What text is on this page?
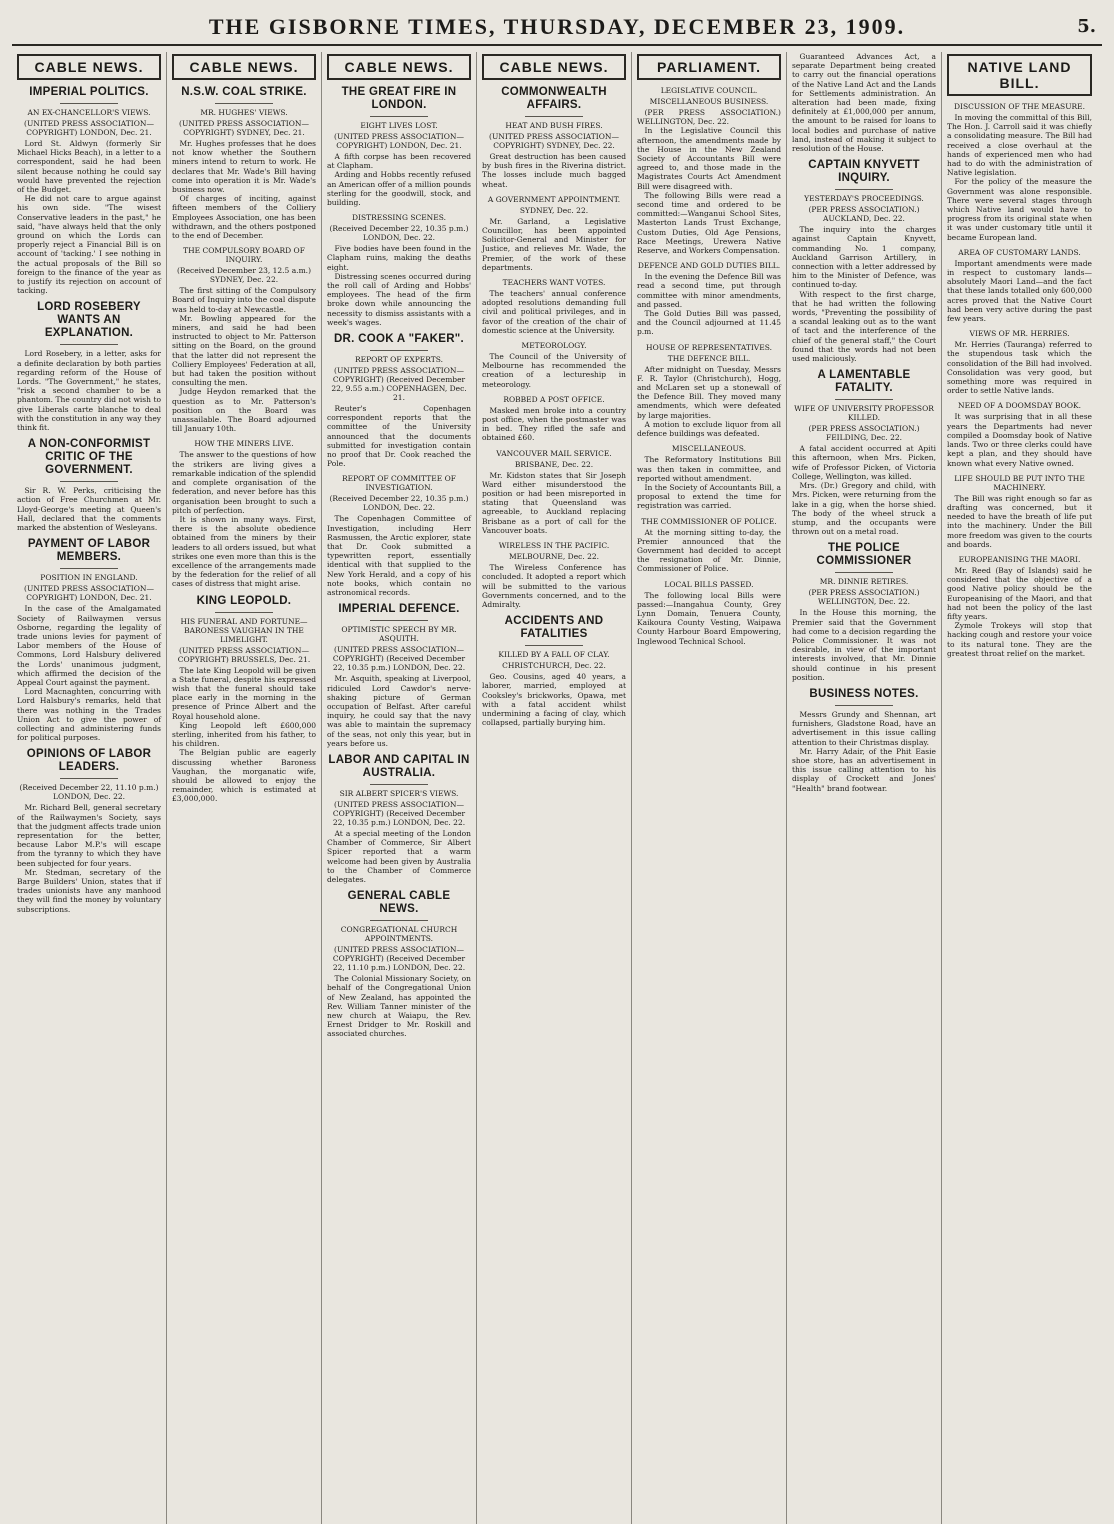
THE GISBORNE TIMES, THURSDAY, DECEMBER 23, 1909.	5.
CABLE NEWS.
IMPERIAL POLITICS.
AN EX-CHANCELLOR'S VIEWS.
(UNITED PRESS ASSOCIATION—COPYRIGHT) LONDON, Dec. 21.

 Lord St. Aldwyn (formerly Sir Michael Hicks Beach), in a letter to a correspondent, said he had been silent because nothing he could say would have prevented the rejection of the Budget.

 He did not care to argue against his own side. "The wisest Conservative leaders in the past," he said, "have always held that the only ground on which the Lords can properly reject a Financial Bill is on account of 'tacking.' I see nothing in the actual proposals of the Bill so foreign to the finance of the year as to justify its rejection on account of tacking.

LORD ROSEBERY WANTS AN EXPLANATION.

 Lord Rosebery, in a letter, asks for a definite declaration by both parties regarding reform of the House of Lords. "The Government," he states, "risk a second chamber to be a phantom. The country did not wish to give Liberals carte blanche to deal with the constitution in any way they think fit.

A NON-CONFORMIST CRITIC OF THE GOVERNMENT.

 Sir R. W. Perks, criticising the action of Free Churchmen at Mr. Lloyd-George's meeting at Queen's Hall, declared that the comments marked the abstention of Wesleyans.

PAYMENT OF LABOR MEMBERS.
POSITION IN ENGLAND.
(UNITED PRESS ASSOCIATION—COPYRIGHT) LONDON, Dec. 21.

 In the case of the Amalgamated Society of Railwaymen versus Osborne, regarding the legality of trade unions levies for payment of Labor members of the House of Commons, Lord Halsbury delivered the Lords' unanimous judgment, which affirmed the decision of the Appeal Court against the payment.

 Lord Macnaghten, concurring with Lord Halsbury's remarks, held that there was nothing in the Trades Union Act to give the power of collecting and administering funds for political purposes.

OPINIONS OF LABOR LEADERS.
(Received December 22, 11.10 p.m.) LONDON, Dec. 22.

 Mr. Richard Bell, general secretary of the Railwaymen's Society, says that the judgment affects trade union representation for the better, because Labor M.P.'s will escape from the tyranny to which they have been subjected for four years.

 Mr. Stedman, secretary of the Barge Builders' Union, states that if trades unionists have any manhood they will find the money by voluntary subscriptions.

CABLE NEWS.
N.S.W. COAL STRIKE.
MR. HUGHES' VIEWS.
(UNITED PRESS ASSOCIATION—COPYRIGHT) SYDNEY, Dec. 21.

 Mr. Hughes professes that he does not know whether the Southern miners intend to return to work. He declares that Mr. Wade's Bill having come into operation it is Mr. Wade's business now.

 Of charges of inciting, against fifteen members of the Colliery Employees Association, one has been withdrawn, and the others postponed to the end of December.

THE COMPULSORY BOARD OF INQUIRY.
(Received December 23, 12.5 a.m.) SYDNEY, Dec. 22.

 The first sitting of the Compulsory Board of Inquiry into the coal dispute was held to-day at Newcastle.

 Mr. Bowling appeared for the miners, and said he had been instructed to object to Mr. Patterson sitting on the Board, on the ground that the latter did not represent the Colliery Employees' Federation at all, but had taken the position without consulting the men.

 Judge Heydon remarked that the question as to Mr. Patterson's position on the Board was unassailable. The Board adjourned till January 10th.

HOW THE MINERS LIVE.

 The answer to the questions of how the strikers are living gives a remarkable indication of the splendid and complete organisation of the federation, and never before has this organisation been brought to such a pitch of perfection.

 It is shown in many ways. First, there is the absolute obedience obtained from the miners by their leaders to all orders issued, but what strikes one even more than this is the excellence of the arrangements made by the federation for the relief of all cases of distress that might arise.

KING LEOPOLD.
HIS FUNERAL AND FORTUNE—BARONESS VAUGHAN IN THE LIMELIGHT.
(UNITED PRESS ASSOCIATION—COPYRIGHT) BRUSSELS, Dec. 21.

 The late King Leopold will be given a State funeral, despite his expressed wish that the funeral should take place early in the morning in the presence of Prince Albert and the Royal household alone.

 King Leopold left £600,000 sterling, inherited from his father, to his children.

 The Belgian public are eagerly discussing whether Baroness Vaughan, the morganatic wife, should be allowed to enjoy the remainder, which is estimated at £3,000,000.

CABLE NEWS.
THE GREAT FIRE IN LONDON.
EIGHT LIVES LOST.
(UNITED PRESS ASSOCIATION—COPYRIGHT) LONDON, Dec. 21.

 A fifth corpse has been recovered at Clapham.

 Arding and Hobbs recently refused an American offer of a million pounds sterling for the goodwill, stock, and building.

DISTRESSING SCENES.
(Received December 22, 10.35 p.m.) LONDON, Dec. 22.

 Five bodies have been found in the Clapham ruins, making the deaths eight.

 Distressing scenes occurred during the roll call of Arding and Hobbs' employees. The head of the firm broke down while announcing the necessity to dismiss assistants with a week's wages.

DR. COOK A "FAKER".
REPORT OF EXPERTS.
(UNITED PRESS ASSOCIATION—COPYRIGHT) (Received December 22, 9.55 a.m.) COPENHAGEN, Dec. 21.

 Reuter's Copenhagen correspondent reports that the committee of the University announced that the documents submitted for investigation contain no proof that Dr. Cook reached the Pole.

REPORT OF COMMITTEE OF INVESTIGATION.
(Received December 22, 10.35 p.m.) LONDON, Dec. 22.

 The Copenhagen Committee of Investigation, including Herr Rasmussen, the Arctic explorer, state that Dr. Cook submitted a typewritten report, essentially identical with that supplied to the New York Herald, and a copy of his note books, which contain no astronomical records.

IMPERIAL DEFENCE.
OPTIMISTIC SPEECH BY MR. ASQUITH.
(UNITED PRESS ASSOCIATION—COPYRIGHT) (Received December 22, 10.35 p.m.) LONDON, Dec. 22.

 Mr. Asquith, speaking at Liverpool, ridiculed Lord Cawdor's nerve-shaking picture of German occupation of Belfast. After careful inquiry, he could say that the navy was able to maintain the supremacy of the seas, not only this year, but in years before us.

LABOR AND CAPITAL IN AUSTRALIA.
SIR ALBERT SPICER'S VIEWS.
(UNITED PRESS ASSOCIATION—COPYRIGHT) (Received December 22, 10.35 p.m.) LONDON, Dec. 22.

 At a special meeting of the London Chamber of Commerce, Sir Albert Spicer reported that a warm welcome had been given by Australia to the Chamber of Commerce delegates.

GENERAL CABLE NEWS.
CONGREGATIONAL CHURCH APPOINTMENTS.
(UNITED PRESS ASSOCIATION—COPYRIGHT) (Received December 22, 11.10 p.m.) LONDON, Dec. 22.

 The Colonial Missionary Society, on behalf of the Congregational Union of New Zealand, has appointed the Rev. William Tanner minister of the new church at Waiapu, the Rev. Ernest Dridger to Mr. Roskill and associated churches.

CABLE NEWS.
COMMONWEALTH AFFAIRS.
HEAT AND BUSH FIRES.
(UNITED PRESS ASSOCIATION—COPYRIGHT) SYDNEY, Dec. 22.

 Great destruction has been caused by bush fires in the Riverina district. The losses include much bagged wheat.

A GOVERNMENT APPOINTMENT.
SYDNEY, Dec. 22.

 Mr. Garland, a Legislative Councillor, has been appointed Solicitor-General and Minister for Justice, and relieves Mr. Wade, the Premier, of the work of these departments.

TEACHERS WANT VOTES.

 The teachers' annual conference adopted resolutions demanding full civil and political privileges, and in favor of the creation of the chair of domestic science at the University.

METEOROLOGY.

 The Council of the University of Melbourne has recommended the creation of a lectureship in meteorology.

ROBBED A POST OFFICE.

 Masked men broke into a country post office, when the postmaster was in bed. They rifled the safe and obtained £60.

VANCOUVER MAIL SERVICE.
BRISBANE, Dec. 22.

 Mr. Kidston states that Sir Joseph Ward either misunderstood the position or had been misreported in stating that Queensland was agreeable, to Auckland replacing Brisbane as a port of call for the Vancouver boats.

WIRELESS IN THE PACIFIC.
MELBOURNE, Dec. 22.

 The Wireless Conference has concluded. It adopted a report which will be submitted to the various Governments concerned, and to the Admiralty.

ACCIDENTS AND FATALITIES
KILLED BY A FALL OF CLAY.
CHRISTCHURCH, Dec. 22.

 Geo. Cousins, aged 40 years, a laborer, married, employed at Cooksley's brickworks, Opawa, met with a fatal accident whilst undermining a facing of clay, which collapsed, partially burying him.

PARLIAMENT.
LEGISLATIVE COUNCIL.
MISCELLANEOUS BUSINESS.

 (PER PRESS ASSOCIATION.) WELLINGTON, Dec. 22.

 In the Legislative Council this afternoon, the amendments made by the House in the New Zealand Society of Accountants Bill were agreed to, and those made in the Magistrates Courts Act Amendment Bill were disagreed with.

 The following Bills were read a second time and ordered to be committed:—Wanganui School Sites, Masterton Lands Trust Exchange, Custom Duties, Old Age Pensions, Race Meetings, Urewera Native Reserve, and Workers Compensation.

DEFENCE AND GOLD DUTIES BILL.

 In the evening the Defence Bill was read a second time, put through committee with minor amendments, and passed.

 The Gold Duties Bill was passed, and the Council adjourned at 11.45 p.m.

HOUSE OF REPRESENTATIVES.
THE DEFENCE BILL.

 After midnight on Tuesday, Messrs F. R. Taylor (Christchurch), Hogg, and McLaren set up a stonewall of the Defence Bill. They moved many amendments, which were defeated by large majorities.

 A motion to exclude liquor from all defence buildings was defeated.

MISCELLANEOUS.

 The Reformatory Institutions Bill was then taken in committee, and reported without amendment.

 In the Society of Accountants Bill, a proposal to extend the time for registration was carried.

THE COMMISSIONER OF POLICE.

 At the morning sitting to-day, the Premier announced that the Government had decided to accept the resignation of Mr. Dinnie, Commissioner of Police.

LOCAL BILLS PASSED.

 The following local Bills were passed:—Inangahua County, Grey Lynn Domain, Tenuera County, Kaikoura County Vesting, Waipawa County Harbour Board Empowering, Inglewood Technical School.

 Guaranteed Advances Act, a separate Department being created to carry out the financial operations of the Native Land Act and the Lands for Settlements administration. An alteration had been made, fixing definitely at £1,000,000 per annum, the amount to be raised for loans to local bodies and purchase of native land, instead of making it subject to resolution of the House.

CAPTAIN KNYVETT INQUIRY.
YESTERDAY'S PROCEEDINGS.
(PER PRESS ASSOCIATION.) AUCKLAND, Dec. 22.

 The inquiry into the charges against Captain Knyvett, commanding No. 1 company, Auckland Garrison Artillery, in connection with a letter addressed by him to the Minister of Defence, was continued to-day.

 With respect to the first charge, that he had written the following words, "Preventing the possibility of a scandal leaking out as to the want of tact and the interference of the chief of the general staff," the Court found that the words had not been used maliciously.

A LAMENTABLE FATALITY.
WIFE OF UNIVERSITY PROFESSOR KILLED.
(PER PRESS ASSOCIATION.) FEILDING, Dec. 22.

 A fatal accident occurred at Apiti this afternoon, when Mrs. Picken, wife of Professor Picken, of Victoria College, Wellington, was killed.

 Mrs. (Dr.) Gregory and child, with Mrs. Picken, were returning from the lake in a gig, when the horse shied. The body of the wheel struck a stump, and the occupants were thrown out on a metal road.

THE POLICE COMMISSIONER
MR. DINNIE RETIRES.
(PER PRESS ASSOCIATION.) WELLINGTON, Dec. 22.

 In the House this morning, the Premier said that the Government had come to a decision regarding the Police Commissioner. It was not desirable, in view of the important interests involved, that Mr. Dinnie should continue in his present position.

BUSINESS NOTES.

 Messrs Grundy and Shennan, art furnishers, Gladstone Road, have an advertisement in this issue calling attention to their Christmas display.

 Mr. Harry Adair, of the Phit Easie shoe store, has an advertisement in this issue calling attention to his display of Crockett and Jones' "Health" brand footwear.

NATIVE LAND BILL.
DISCUSSION OF THE MEASURE.

 In moving the committal of this Bill, The Hon. J. Carroll said it was chiefly a consolidating measure. The Bill had received a close overhaul at the hands of experienced men who had had to do with the administration of Native legislation.

 For the policy of the measure the Government was alone responsible. There were several stages through which Native land would have to progress from its original state when it was under customary title until it became European land.

AREA OF CUSTOMARY LANDS.

 Important amendments were made in respect to customary lands—absolutely Maori Land—and the fact that these lands totalled only 600,000 acres proved that the Native Court had been very active during the past few years.

VIEWS OF MR. HERRIES.

 Mr. Herries (Tauranga) referred to the stupendous task which the consolidation of the Bill had involved. Consolidation was very good, but something more was required in order to settle Native lands.

NEED OF A DOOMSDAY BOOK.

 It was surprising that in all these years the Departments had never compiled a Doomsday book of Native lands. Two or three clerks could have kept a plan, and they should have known what every Native owned.

LIFE SHOULD BE PUT INTO THE MACHINERY.

 The Bill was right enough so far as drafting was concerned, but it needed to have the breath of life put into the machinery. Under the Bill more freedom was given to the courts and boards.

EUROPEANISING THE MAORI.

 Mr. Reed (Bay of Islands) said he considered that the objective of a good Native policy should be the Europeanising of the Maori, and that had not been the policy of the last fifty years.

 Zymole Trokeys will stop that hacking cough and restore your voice to its natural tone. They are the greatest throat relief on the market.
